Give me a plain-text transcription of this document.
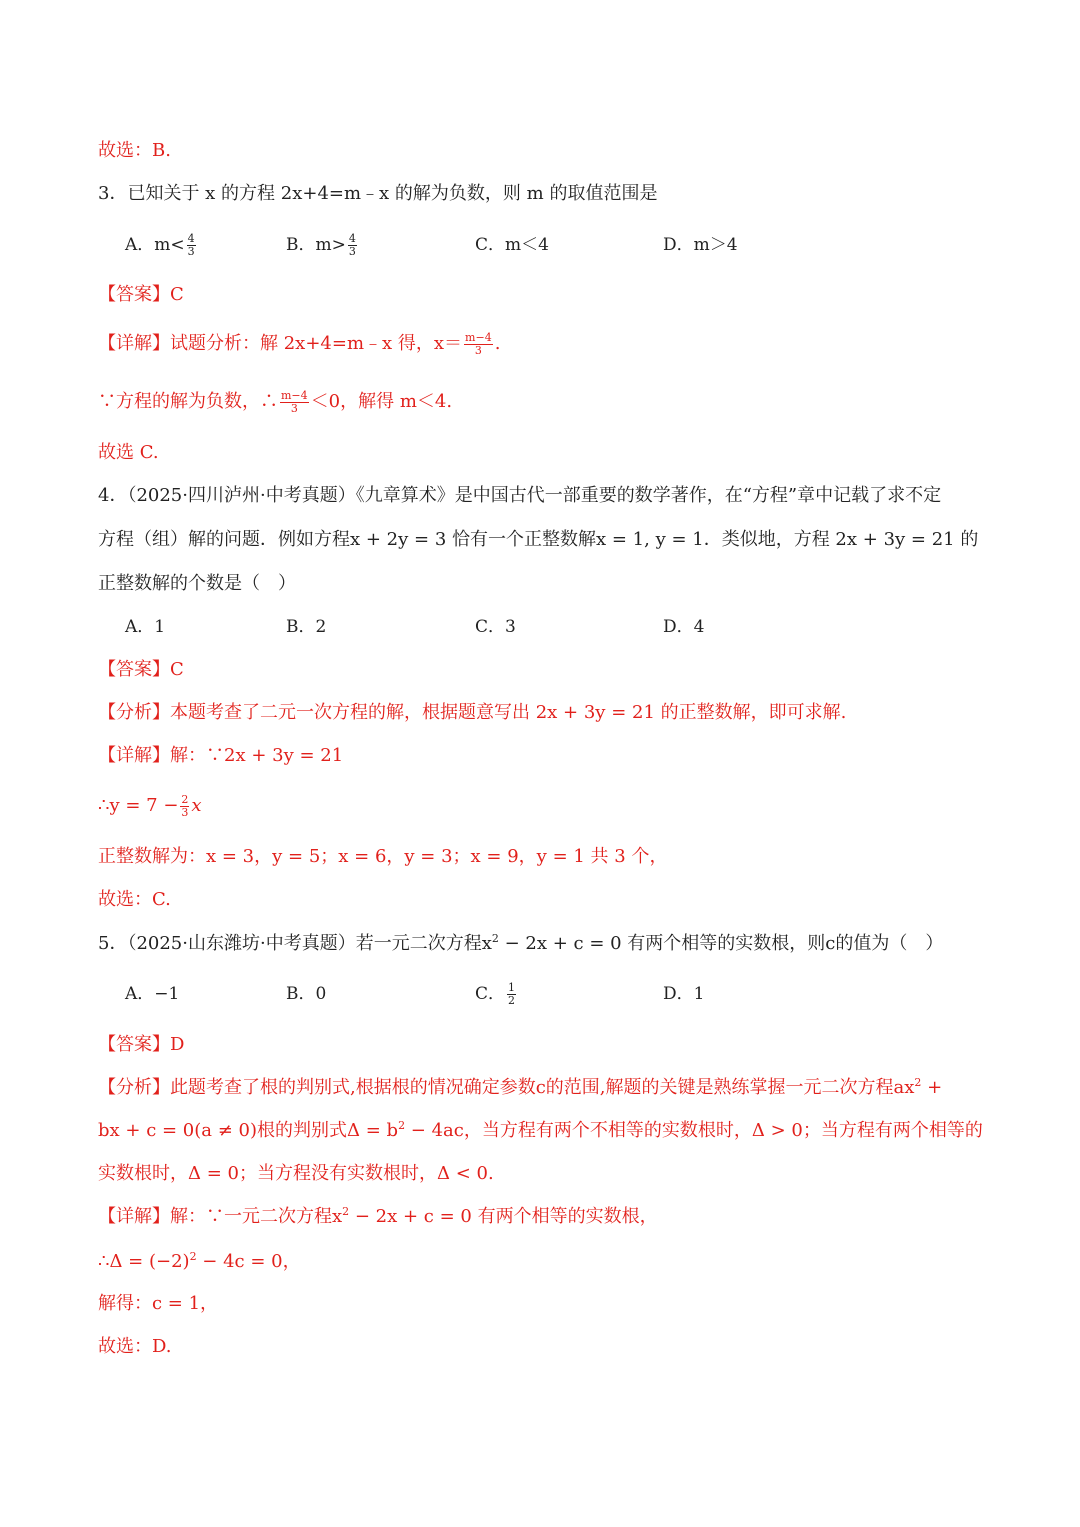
故选：B.
3．已知关于 x 的方程 2x+4=m﹣x 的解为负数，则 m 的取值范围是
A．$m< \frac{4}{3}$	B．$m> \frac{4}{3}$	C．m＜4	D．m＞4
【答案】C
【详解】试题分析：解 2x+4=m﹣x 得，$x= \frac{m-4}{3}$ .
∵方程的解为负数，∴ $\frac{m-4}{3} <0$，解得 m＜4.
故选 C.
4．（2025·四川泸州·中考真题）《九章算术》是中国古代一部重要的数学著作，在“方程”章中记载了求不定
方程（组）解的问题．例如方程x + 2y = 3 恰有一个正整数解x = 1, y = 1．类似地，方程 2x + 3y = 21 的
正整数解的个数是（　）
A．1	B．2	C．3	D．4
【答案】C
【分析】本题考查了二元一次方程的解，根据题意写出 2x + 3y = 21 的正整数解，即可求解.
【详解】解：∵2x + 3y = 21
∴y = $7 - \frac{2}{3}$ x
正整数解为：x = 3，y = 5；x = 6，y = 3；x = 9，y = 1 共 3 个，
故选：C.
5．（2025·山东潍坊·中考真题）若一元二次方程$x^2 - 2x + c = 0$ 有两个相等的实数根，则c的值为（　）
A．−1	B．0	C． $\frac{1}{2}$	D．1
【答案】D
【分析】此题考查了根的判别式,根据根的情况确定参数c的范围,解题的关键是熟练掌握一元二次方程$ax^2$ +
bx + c = 0(a ≠ 0)根的判别式$\Delta = b^2 - 4ac$，当方程有两个不相等的实数根时，Δ > 0；当方程有两个相等的
实数根时，Δ = 0；当方程没有实数根时，Δ < 0.
【详解】解：∵一元二次方程$x^2 - 2x + c = 0$ 有两个相等的实数根，
∴Δ = $(-2)^2 - 4c = 0$，
解得：c = 1，
故选：D.
